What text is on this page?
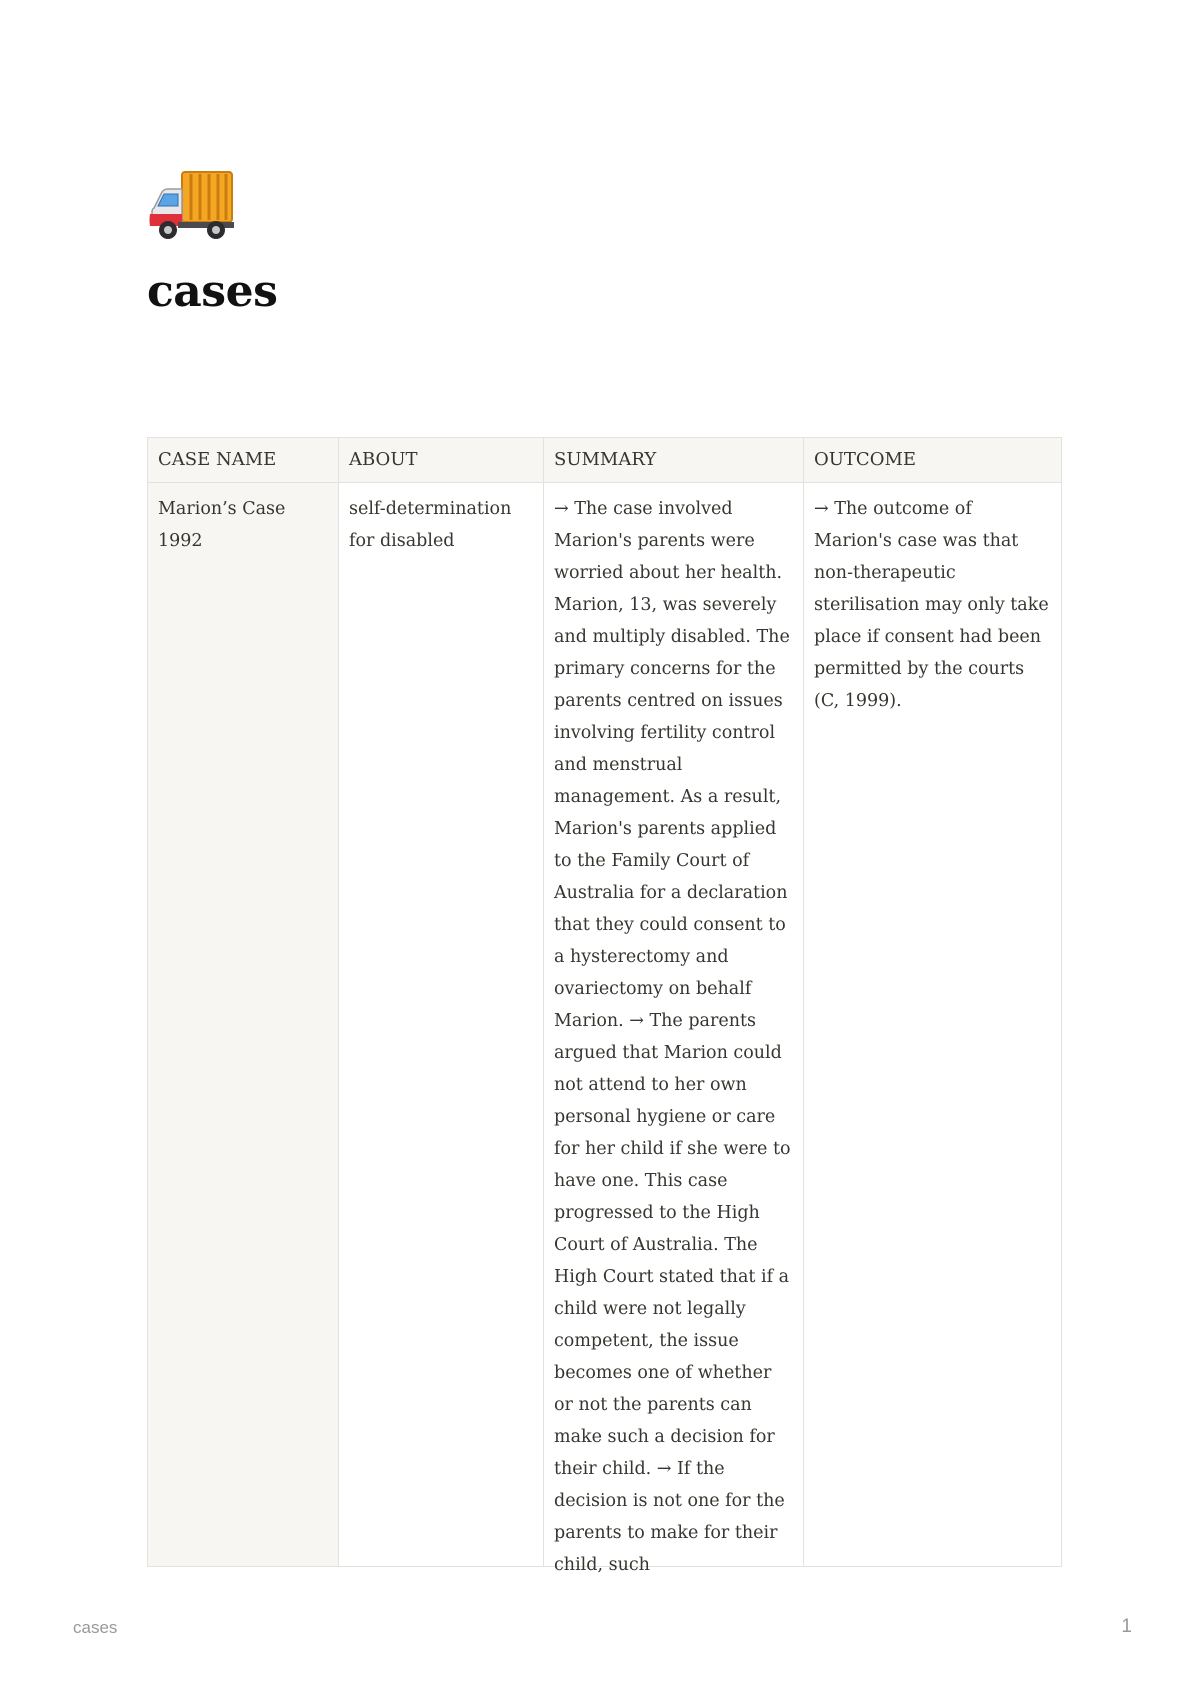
cases
CASE NAME	ABOUT	SUMMARY	OUTCOME

Marion’s Case 1992	self-determination for disabled	→ The case involved Marion's parents were worried about her health. Marion, 13, was severely and multiply disabled. The primary concerns for the parents centred on issues involving fertility control and menstrual management. As a result, Marion's parents applied to the Family Court of Australia for a declaration that they could consent to a hysterectomy and ovariectomy on behalf Marion. → The parents argued that Marion could not attend to her own personal hygiene or care for her child if she were to have one. This case progressed to the High Court of Australia. The High Court stated that if a child were not legally competent, the issue becomes one of whether or not the parents can make such a decision for their child. → If the decision is not one for the parents to make for their child, such	→ The outcome of Marion's case was that non-therapeutic sterilisation may only take place if consent had been permitted by the courts (C, 1999).
cases	1
